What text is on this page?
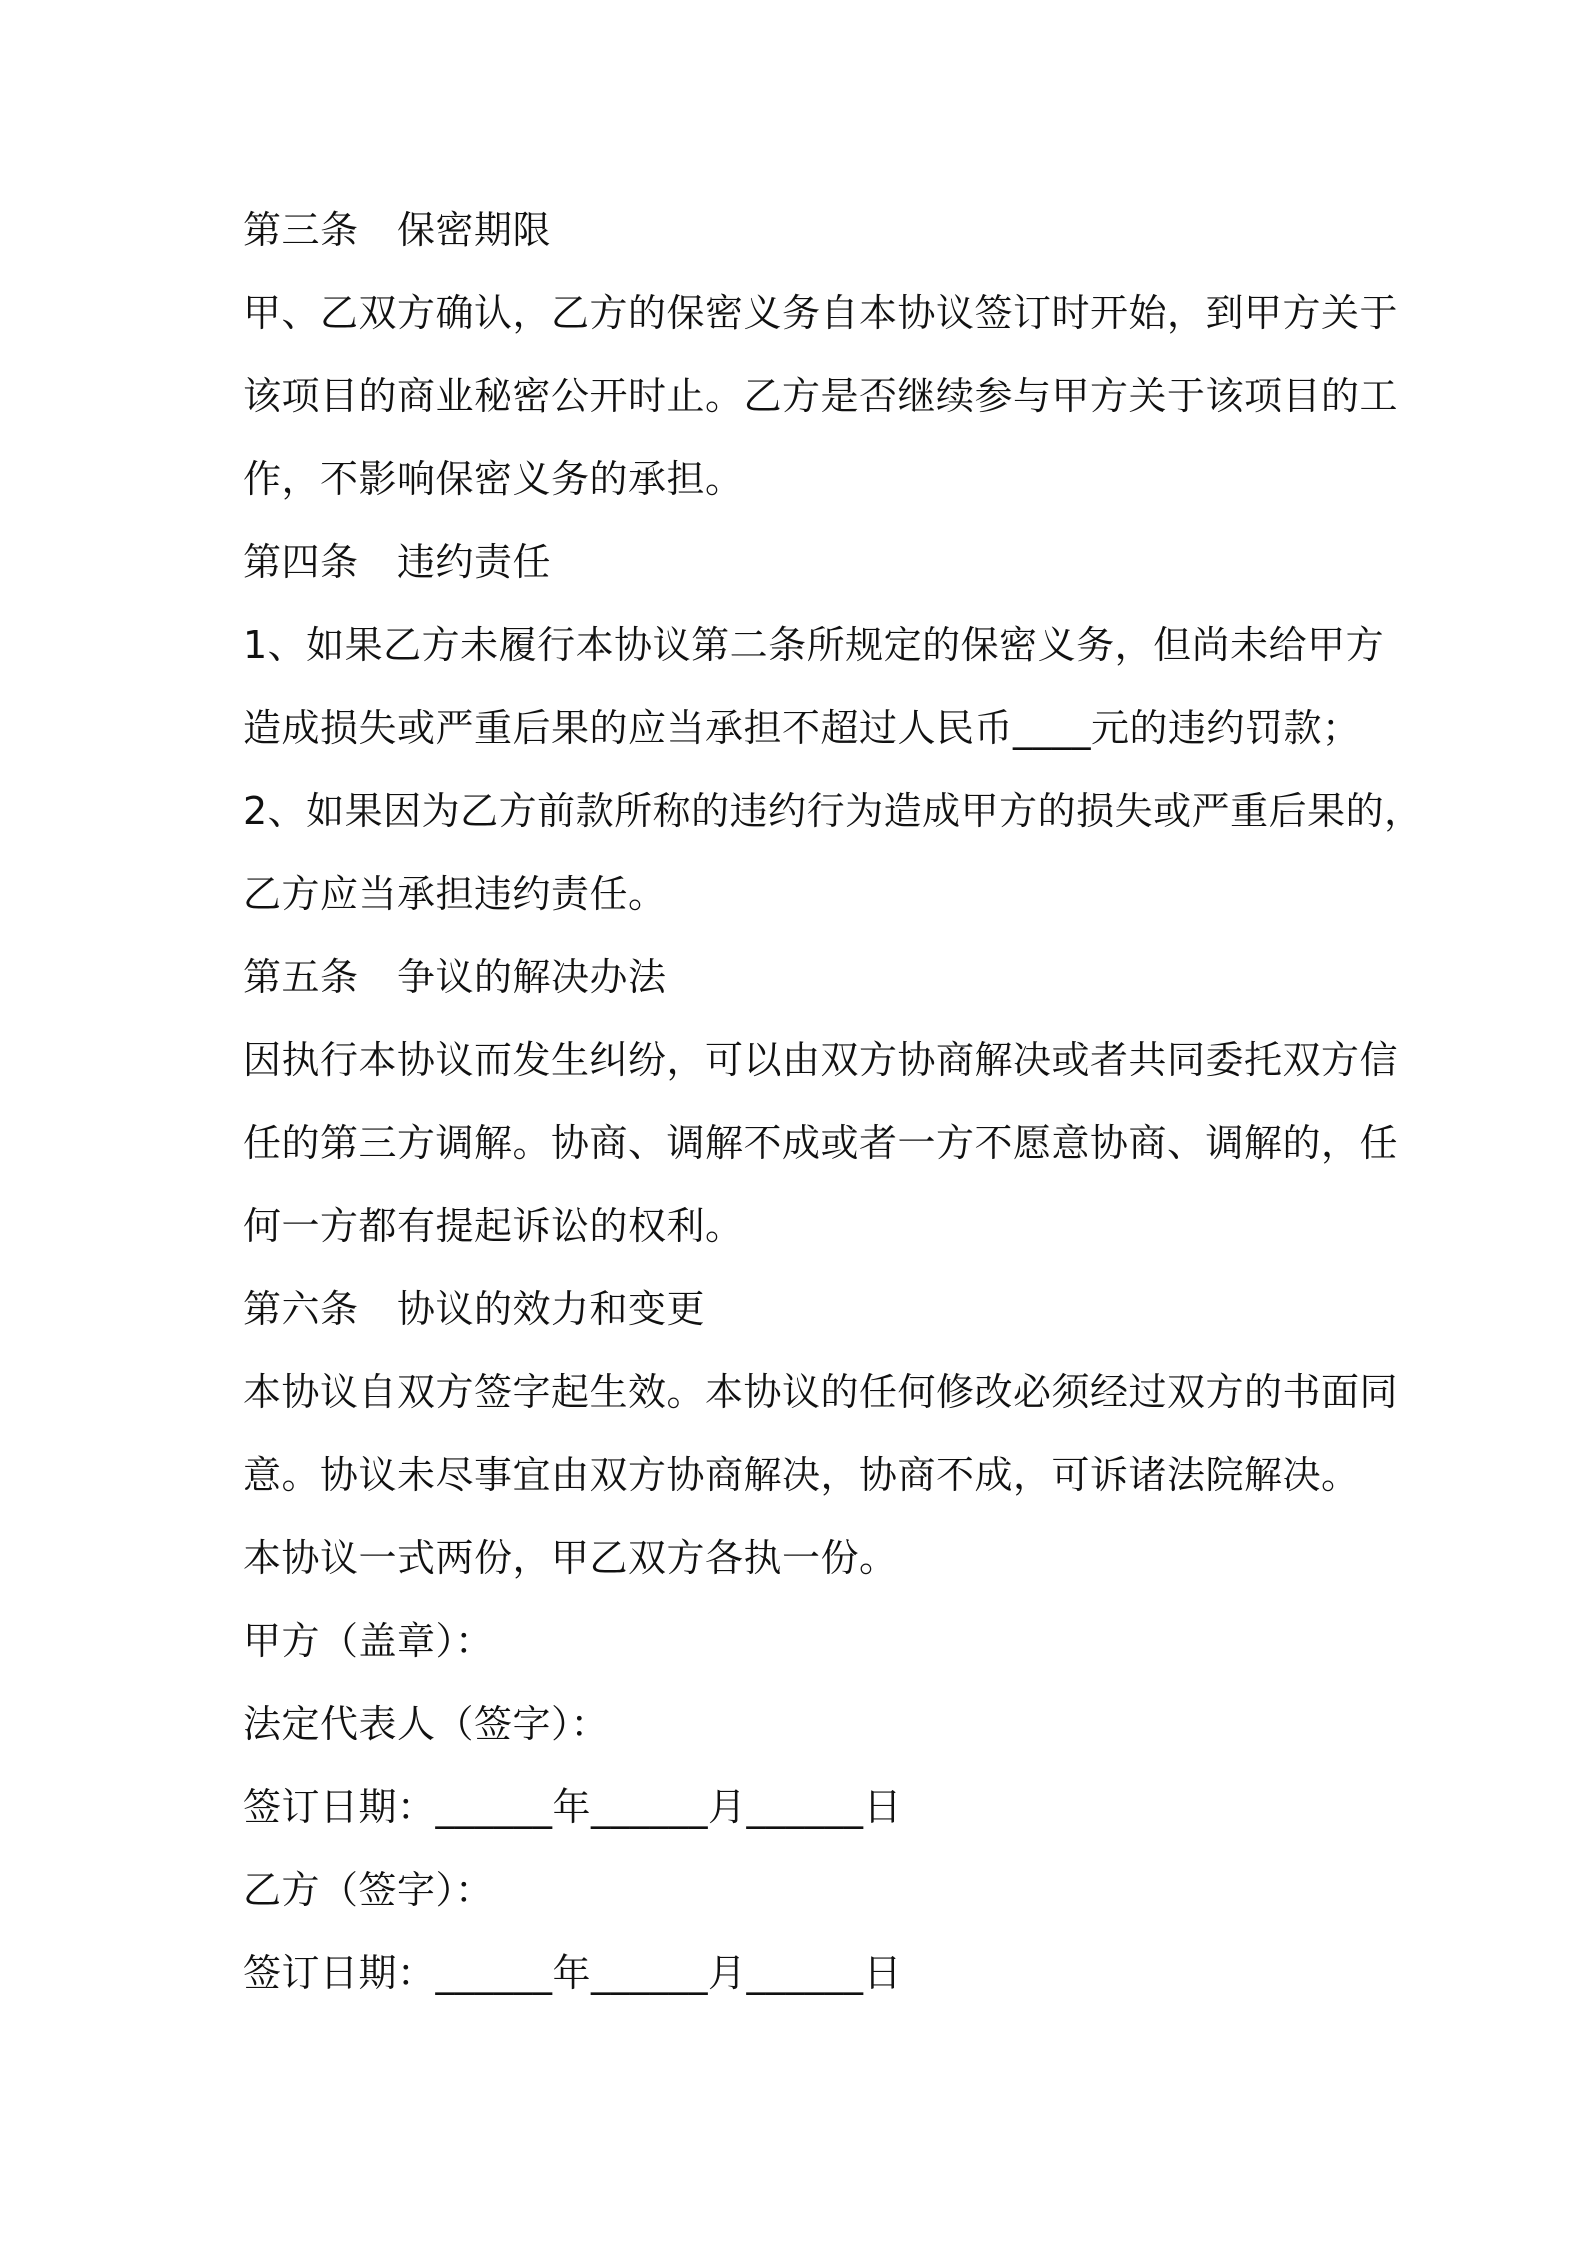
第三条　保密期限
甲、乙双方确认，乙方的保密义务自本协议签订时开始，到甲方关于
该项目的商业秘密公开时止。乙方是否继续参与甲方关于该项目的工
作，不影响保密义务的承担。
第四条　违约责任
1、如果乙方未履行本协议第二条所规定的保密义务，但尚未给甲方
造成损失或严重后果的应当承担不超过人民币____元的违约罚款；
2、如果因为乙方前款所称的违约行为造成甲方的损失或严重后果的，
乙方应当承担违约责任。
第五条　争议的解决办法
因执行本协议而发生纠纷，可以由双方协商解决或者共同委托双方信
任的第三方调解。协商、调解不成或者一方不愿意协商、调解的，任
何一方都有提起诉讼的权利。
第六条　协议的效力和变更
本协议自双方签字起生效。本协议的任何修改必须经过双方的书面同
意。协议未尽事宜由双方协商解决，协商不成，可诉诸法院解决。
本协议一式两份，甲乙双方各执一份。
甲方（盖章）：
法定代表人（签字）：
签订日期：______年______月______日
乙方（签字）：
签订日期：______年______月______日
